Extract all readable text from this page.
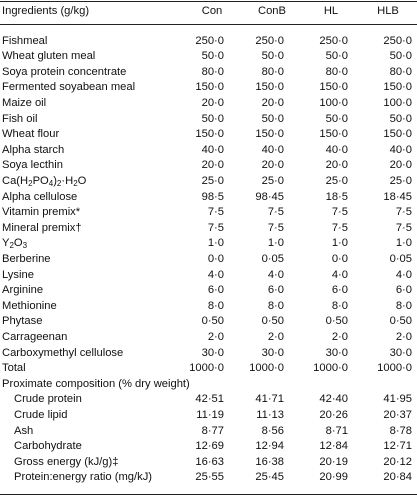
Ingredients (g/kg)	Con	ConB	HL	HLB
Fishmeal	250·0	250·0	250·0	250·0
Wheat gluten meal	50·0	50·0	50·0	50·0
Soya protein concentrate	80·0	80·0	80·0	80·0
Fermented soyabean meal	150·0	150·0	150·0	150·0
Maize oil	20·0	20·0	100·0	100·0
Fish oil	50·0	50·0	50·0	50·0
Wheat flour	150·0	150·0	150·0	150·0
Alpha starch	40·0	40·0	40·0	40·0
Soya lecthin	20·0	20·0	20·0	20·0
$Ca(H_2PO_4)_2\cdot H_2O$	25·0	25·0	25·0	25·0
Alpha cellulose	98·5	98·45	18·5	18·45
Vitamin premix*	7·5	7·5	7·5	7·5
Mineral premix†	7·5	7·5	7·5	7·5
$Y_2O_3$	1·0	1·0	1·0	1·0
Berberine	0·0	0·05	0·0	0·05
Lysine	4·0	4·0	4·0	4·0
Arginine	6·0	6·0	6·0	6·0
Methionine	8·0	8·0	8·0	8·0
Phytase	0·50	0·50	0·50	0·50
Carrageenan	2·0	2·0	2·0	2·0
Carboxymethyl cellulose	30·0	30·0	30·0	30·0
Total	1000·0	1000·0	1000·0	1000·0
Proximate composition (% dry weight)
Crude protein	42·51	41·71	42·40	41·95
Crude lipid	11·19	11·13	20·26	20·37
Ash	8·77	8·56	8·71	8·78
Carbohydrate	12·69	12·94	12·84	12·71
Gross energy (kJ/g)‡	16·63	16·38	20·19	20·12
Protein:energy ratio (mg/kJ)	25·55	25·45	20·99	20·84
